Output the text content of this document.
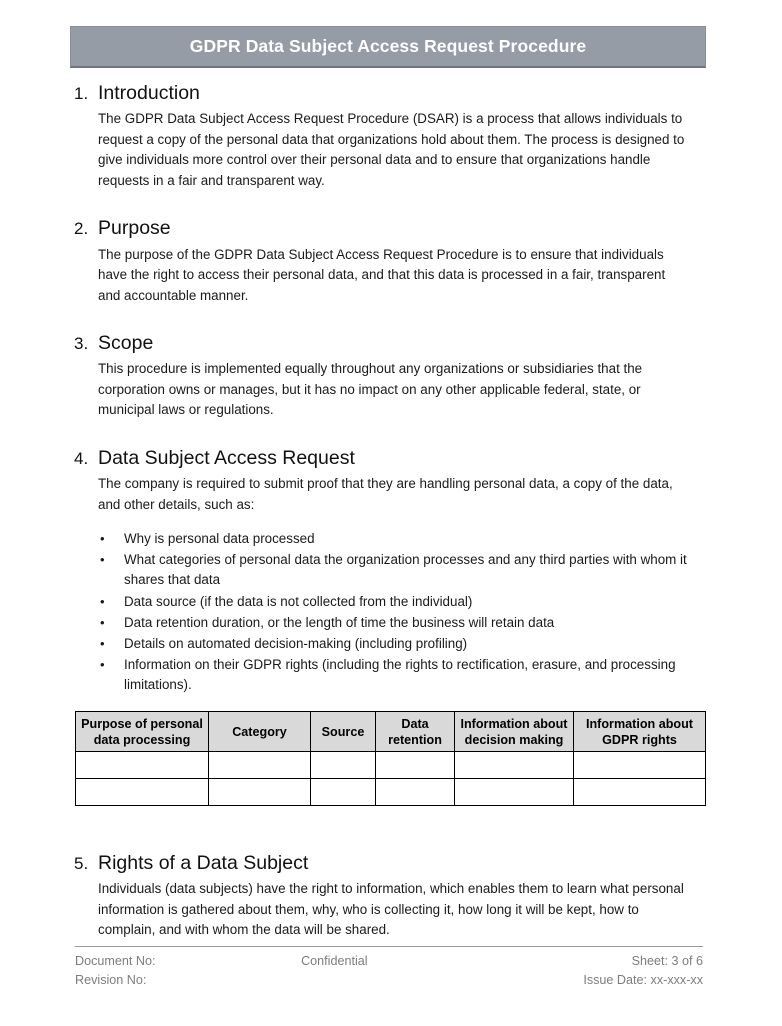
GDPR Data Subject Access Request Procedure
1. Introduction

The GDPR Data Subject Access Request Procedure (DSAR) is a process that allows individuals to request a copy of the personal data that organizations hold about them. The process is designed to give individuals more control over their personal data and to ensure that organizations handle requests in a fair and transparent way.

2. Purpose

The purpose of the GDPR Data Subject Access Request Procedure is to ensure that individuals have the right to access their personal data, and that this data is processed in a fair, transparent and accountable manner.

3. Scope

This procedure is implemented equally throughout any organizations or subsidiaries that the corporation owns or manages, but it has no impact on any other applicable federal, state, or municipal laws or regulations.

4. Data Subject Access Request

The company is required to submit proof that they are handling personal data, a copy of the data, and other details, such as:

• Why is personal data processed
• What categories of personal data the organization processes and any third parties with whom it shares that data
• Data source (if the data is not collected from the individual)
• Data retention duration, or the length of time the business will retain data
• Details on automated decision-making (including profiling)
• Information on their GDPR rights (including the rights to rectification, erasure, and processing limitations).
Purpose of personal data processing	Category	Source	Data retention	Information about decision making	Information about GDPR rights

5. Rights of a Data Subject

Individuals (data subjects) have the right to information, which enables them to learn what personal information is gathered about them, why, who is collecting it, how long it will be kept, how to complain, and with whom the data will be shared.

Document No:	Confidential	Sheet: 3 of 6
Revision No:	Issue Date: xx-xxx-xx
